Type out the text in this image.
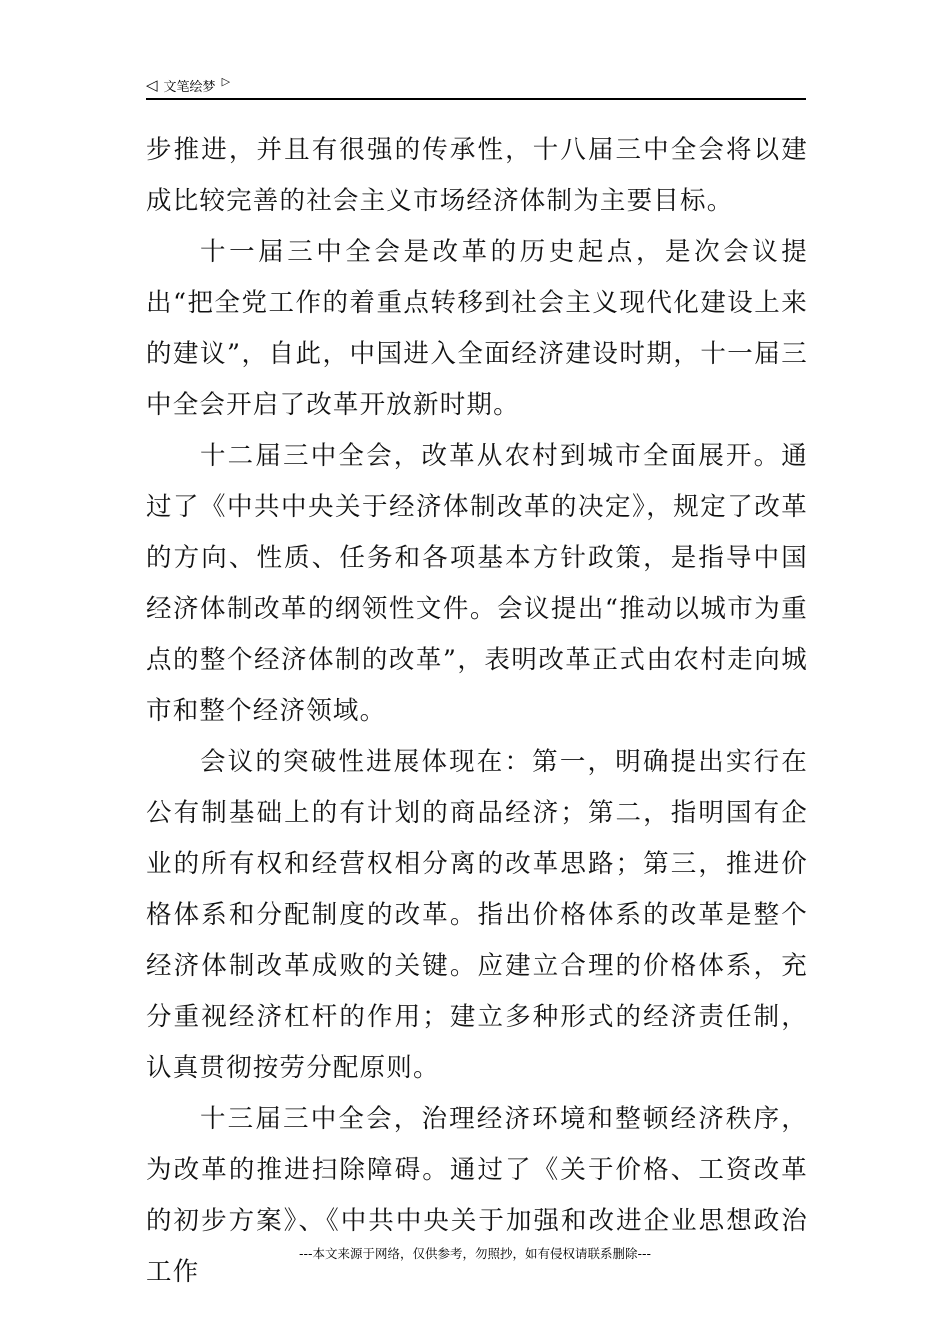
◁ 文笔绘梦 ▷

步推进，并且有很强的传承性，十八届三中全会将以建成比较完善的社会主义市场经济体制为主要目标。

十一届三中全会是改革的历史起点，是次会议提出“把全党工作的着重点转移到社会主义现代化建设上来的建议”，自此，中国进入全面经济建设时期，十一届三中全会开启了改革开放新时期。

十二届三中全会，改革从农村到城市全面展开。通过了《中共中央关于经济体制改革的决定》，规定了改革的方向、性质、任务和各项基本方针政策，是指导中国经济体制改革的纲领性文件。会议提出“推动以城市为重点的整个经济体制的改革”，表明改革正式由农村走向城市和整个经济领域。

会议的突破性进展体现在：第一，明确提出实行在公有制基础上的有计划的商品经济；第二，指明国有企业的所有权和经营权相分离的改革思路；第三，推进价格体系和分配制度的改革。指出价格体系的改革是整个经济体制改革成败的关键。应建立合理的价格体系，充分重视经济杠杆的作用；建立多种形式的经济责任制，认真贯彻按劳分配原则。

十三届三中全会，治理经济环境和整顿经济秩序，为改革的推进扫除障碍。通过了《关于价格、工资改革的初步方案》、《中共中央关于加强和改进企业思想政治工作

---本文来源于网络，仅供参考，勿照抄，如有侵权请联系删除---
